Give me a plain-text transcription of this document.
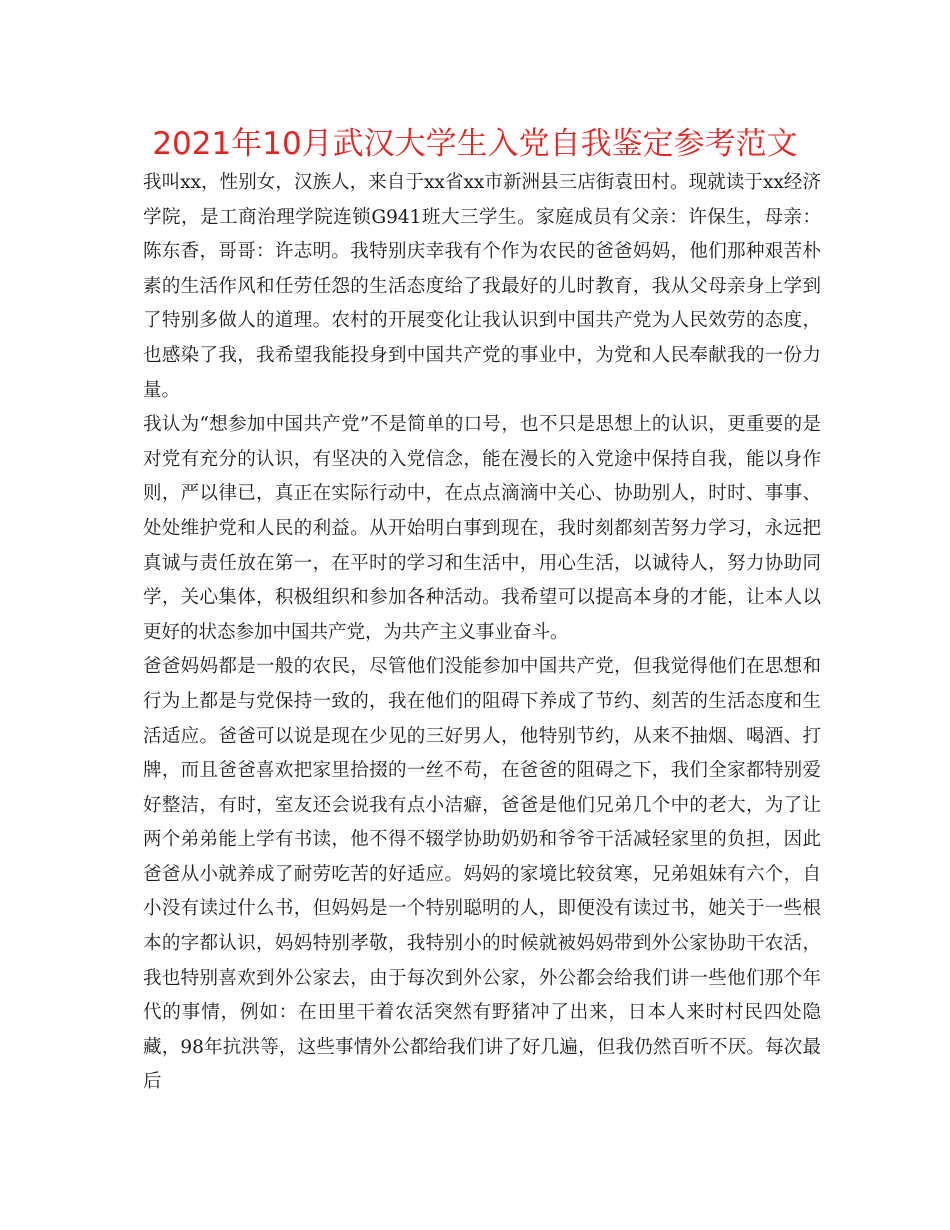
2021年10月武汉大学生入党自我鉴定参考范文

我叫xx，性别女，汉族人，来自于xx省xx市新洲县三店街袁田村。现就读于xx经济学院，是工商治理学院连锁G941班大三学生。家庭成员有父亲：许保生，母亲：陈东香，哥哥：许志明。我特别庆幸我有个作为农民的爸爸妈妈，他们那种艰苦朴素的生活作风和任劳任怨的生活态度给了我最好的儿时教育，我从父母亲身上学到了特别多做人的道理。农村的开展变化让我认识到中国共产党为人民效劳的态度，也感染了我，我希望我能投身到中国共产党的事业中，为党和人民奉献我的一份力量。

我认为“想参加中国共产党”不是简单的口号，也不只是思想上的认识，更重要的是对党有充分的认识，有坚决的入党信念，能在漫长的入党途中保持自我，能以身作则，严以律已，真正在实际行动中，在点点滴滴中关心、协助别人，时时、事事、处处维护党和人民的利益。从开始明白事到现在，我时刻都刻苦努力学习，永远把真诚与责任放在第一，在平时的学习和生活中，用心生活，以诚待人，努力协助同学，关心集体，积极组织和参加各种活动。我希望可以提高本身的才能，让本人以更好的状态参加中国共产党，为共产主义事业奋斗。

爸爸妈妈都是一般的农民，尽管他们没能参加中国共产党，但我觉得他们在思想和行为上都是与党保持一致的，我在他们的阻碍下养成了节约、刻苦的生活态度和生活适应。爸爸可以说是现在少见的三好男人，他特别节约，从来不抽烟、喝酒、打牌，而且爸爸喜欢把家里拾掇的一丝不苟，在爸爸的阻碍之下，我们全家都特别爱好整洁，有时，室友还会说我有点小洁癖，爸爸是他们兄弟几个中的老大，为了让两个弟弟能上学有书读，他不得不辍学协助奶奶和爷爷干活减轻家里的负担，因此爸爸从小就养成了耐劳吃苦的好适应。妈妈的家境比较贫寒，兄弟姐妹有六个，自小没有读过什么书，但妈妈是一个特别聪明的人，即便没有读过书，她关于一些根本的字都认识，妈妈特别孝敬，我特别小的时候就被妈妈带到外公家协助干农活，我也特别喜欢到外公家去，由于每次到外公家，外公都会给我们讲一些他们那个年代的事情，例如：在田里干着农活突然有野猪冲了出来，日本人来时村民四处隐藏，98年抗洪等，这些事情外公都给我们讲了好几遍，但我仍然百听不厌。每次最后
